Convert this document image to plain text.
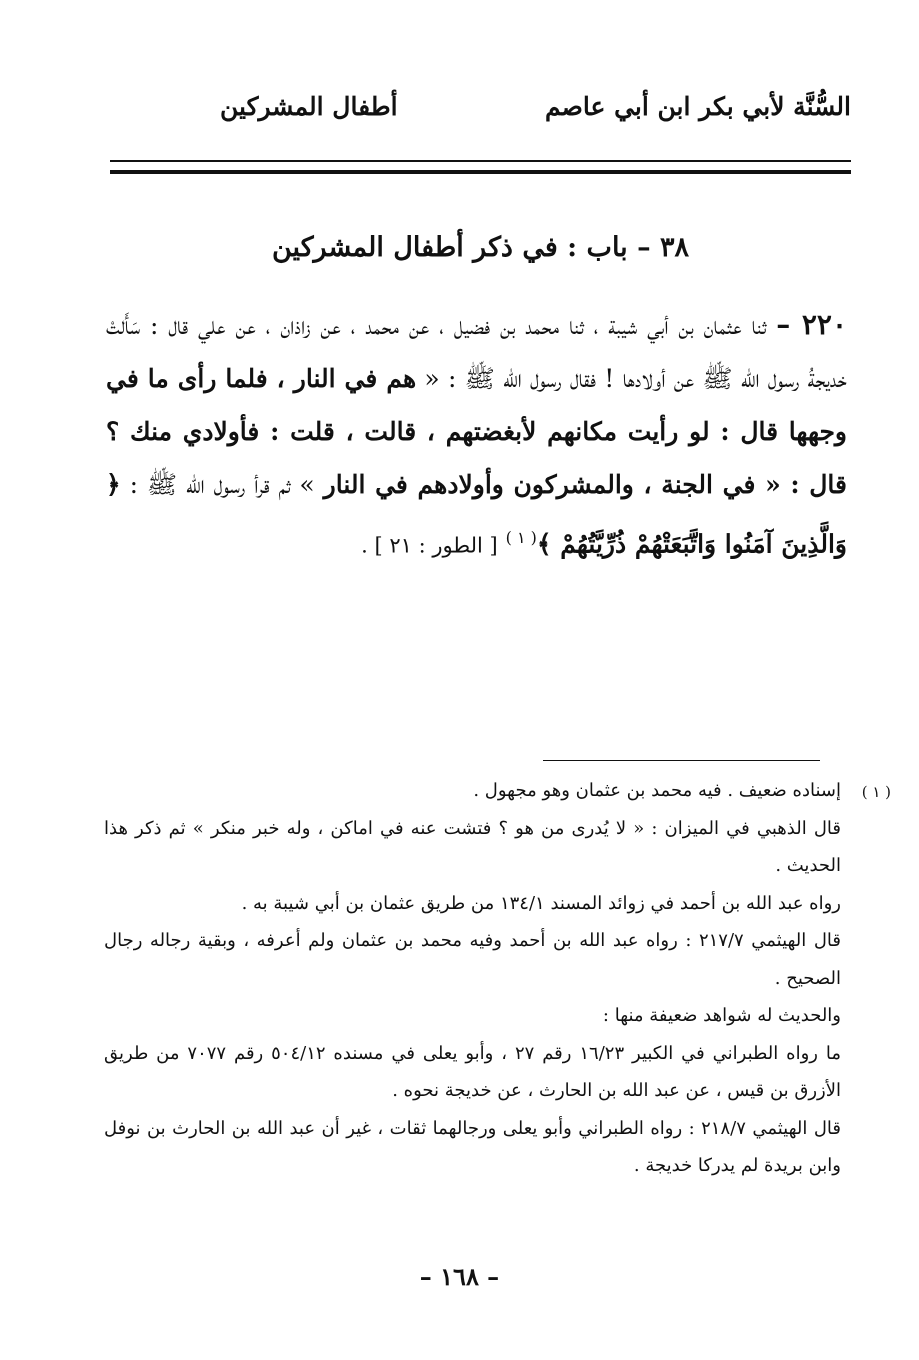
السُّنَّة لأبي بكر ابن أبي عاصم
أطفال المشركين
٣٨ – باب : في ذكر أطفال المشركين
٢٢٠ – ثنا عثمان بن أبي شيبة ، ثنا محمد بن فضيل ، عن محمد ، عن زاذان ، عن علي قال : سَأَلتْ خديجةُ رسول الله ﷺ عن أولادها ! فقال رسول الله ﷺ : « هم في النار ، فلما رأى ما في وجهها قال : لو رأيت مكانهم لأبغضتهم ، قالت ، قلت : فأولادي منك ؟ قال : « في الجنة ، والمشركون وأولادهم في النار » ثم قرأ رسول الله ﷺ : ﴿ وَالَّذِينَ آمَنُوا وَاتَّبَعَتْهُمْ ذُرِّيَّتُهُمْ ﴾$^{( ١ )}$ [ الطور : ٢١ ] .
( ١ )
إسناده ضعيف . فيه محمد بن عثمان وهو مجهول .
قال الذهبي في الميزان : « لا يُدرى من هو ؟ فتشت عنه في اماكن ، وله خبر منكر » ثم ذكر هذا الحديث .
رواه عبد الله بن أحمد في زوائد المسند ١٣٤/١ من طريق عثمان بن أبي شيبة به .
قال الهيثمي ٢١٧/٧ : رواه عبد الله بن أحمد وفيه محمد بن عثمان ولم أعرفه ، وبقية رجاله رجال الصحيح .
والحديث له شواهد ضعيفة منها :
ما رواه الطبراني في الكبير ١٦/٢٣ رقم ٢٧ ، وأبو يعلى في مسنده ٥٠٤/١٢ رقم ٧٠٧٧ من طريق الأزرق بن قيس ، عن عبد الله بن الحارث ، عن خديجة نحوه .
قال الهيثمي ٢١٨/٧ : رواه الطبراني وأبو يعلى ورجالهما ثقات ، غير أن عبد الله بن الحارث بن نوفل وابن بريدة لم يدركا خديجة .
– ١٦٨ –
